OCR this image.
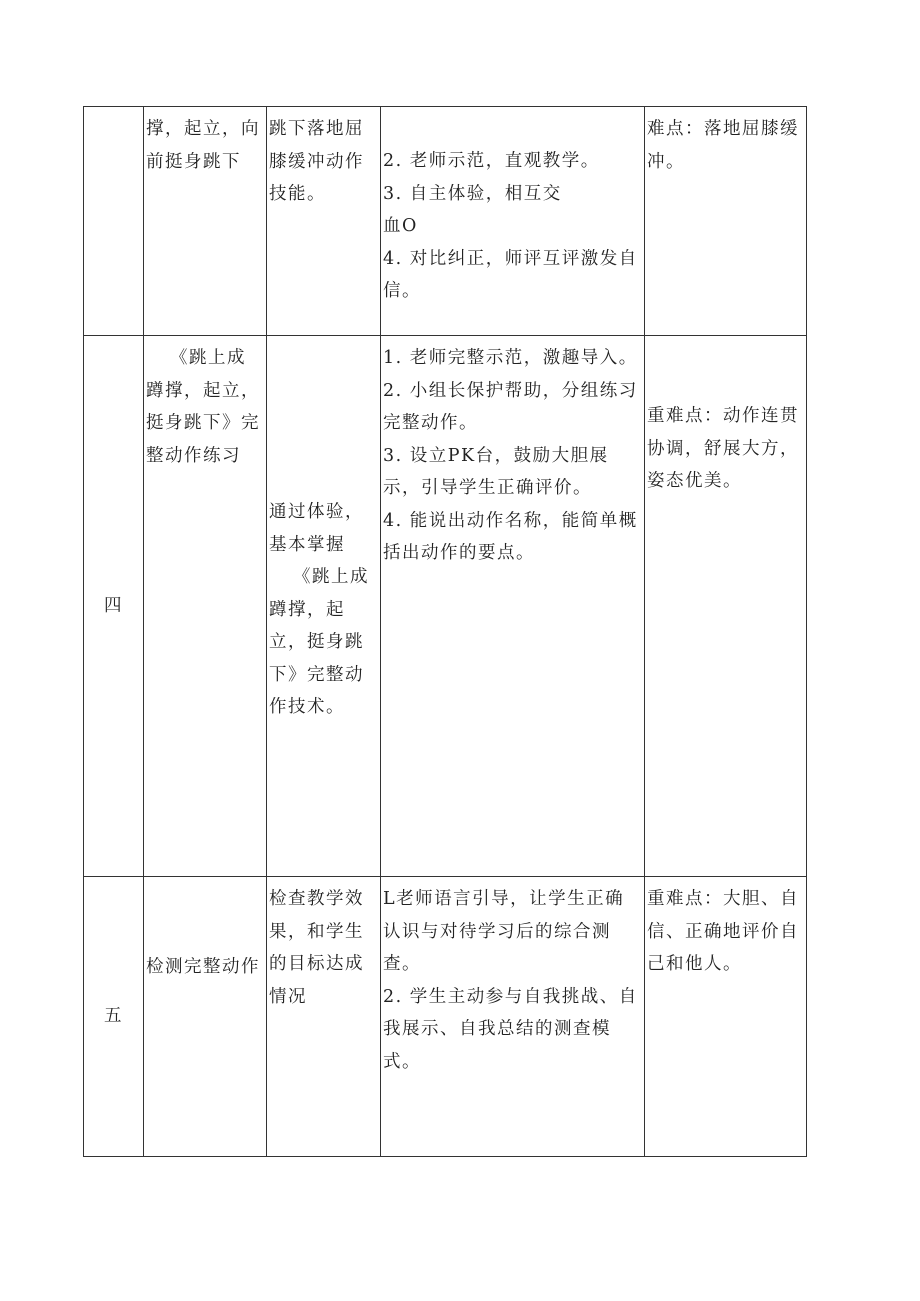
	撑，起立，向前挺身跳下	跳下落地屈膝缓冲动作技能。	2. 老师示范，直观教学。
3. 自主体验，相互交
血O
4. 对比纠正，师评互评激发自信。	难点：落地屈膝缓冲。

四	《跳上成蹲撑，起立，挺身跳下》完整动作练习	通过体验，基本掌握
《跳上成蹲撑，起立，挺身跳下》完整动作技术。	1. 老师完整示范，激趣导入。
2. 小组长保护帮助，分组练习完整动作。
3. 设立PK台，鼓励大胆展示，引导学生正确评价。
4. 能说出动作名称，能简单概括出动作的要点。	重难点：动作连贯协调，舒展大方，姿态优美。

五	检测完整动作	检查教学效果，和学生的目标达成情况	L老师语言引导，让学生正确认识与对待学习后的综合测查。
2. 学生主动参与自我挑战、自我展示、自我总结的测查模式。	重难点：大胆、自信、正确地评价自己和他人。
